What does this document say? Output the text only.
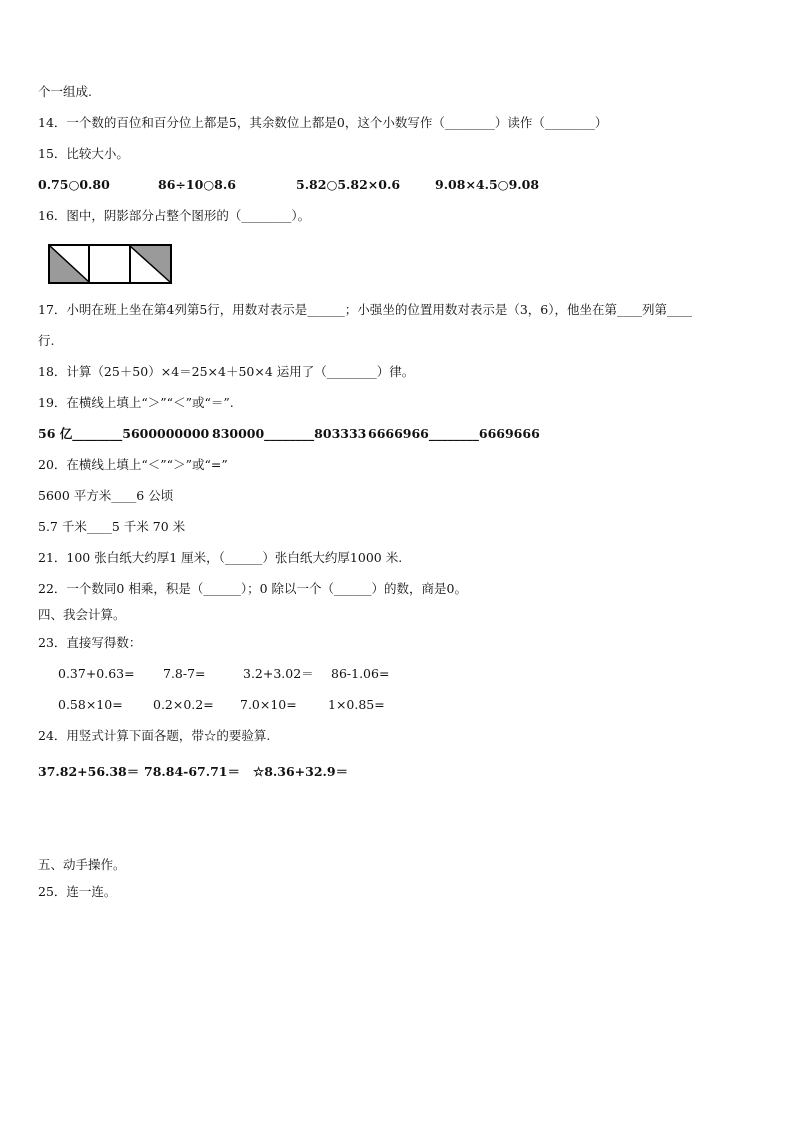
个一组成.
14．一个数的百位和百分位上都是5，其余数位上都是0，这个小数写作（________）读作（________）
15．比较大小。
0.75○0.80	86÷10○8.6	5.82○5.82×0.6	9.08×4.5○9.08
16．图中，阴影部分占整个图形的（________）。
17．小明在班上坐在第4列第5行，用数对表示是______；小强坐的位置用数对表示是（3，6），他坐在第____列第____
行.
18．计算（25＋50）×4＝25×4＋50×4 运用了（________）律。
19．在横线上填上“＞”“＜”或“＝”.
56 亿________5600000000 830000________803333 6666966________6669666
20．在横线上填上“＜”“＞”或“=”
5600 平方米____6 公顷
5.7 千米____5 千米 70 米
21．100 张白纸大约厚1 厘米，（______）张白纸大约厚1000 米.
22．一个数同0 相乘，积是（______）；0 除以一个（______）的数，商是0。
四、我会计算。
23．直接写得数：
0.37+0.63= 7.8-7=	3.2+3.02＝ 86-1.06=
0.58×10= 0.2×0.2= 7.0×10=	1×0.85=
24．用竖式计算下面各题，带☆的要验算.
37.82+56.38＝ 78.84-67.71＝ ☆8.36+32.9＝
五、动手操作。
25．连一连。
